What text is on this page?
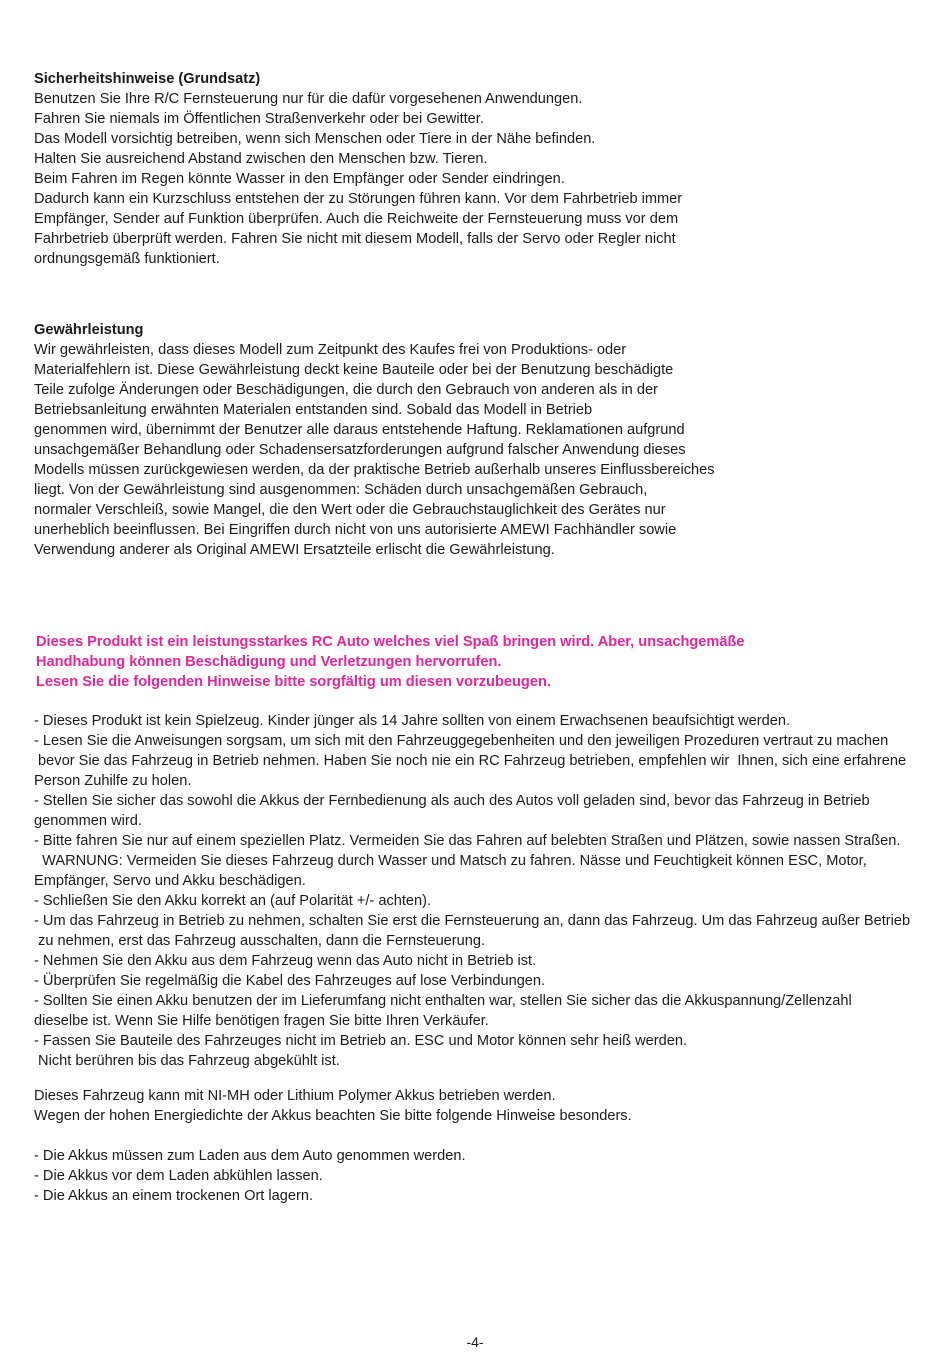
Sicherheitshinweise (Grundsatz)
Benutzen Sie Ihre R/C Fernsteuerung nur für die dafür vorgesehenen Anwendungen.
Fahren Sie niemals im Öffentlichen Straßenverkehr oder bei Gewitter.
Das Modell vorsichtig betreiben, wenn sich Menschen oder Tiere in der Nähe befinden.
Halten Sie ausreichend Abstand zwischen den Menschen bzw. Tieren.
Beim Fahren im Regen könnte Wasser in den Empfänger oder Sender eindringen.
Dadurch kann ein Kurzschluss entstehen der zu Störungen führen kann. Vor dem Fahrbetrieb immer
Empfänger, Sender auf Funktion überprüfen. Auch die Reichweite der Fernsteuerung muss vor dem
Fahrbetrieb überprüft werden. Fahren Sie nicht mit diesem Modell, falls der Servo oder Regler nicht
ordnungsgemäß funktioniert.
Gewährleistung
Wir gewährleisten, dass dieses Modell zum Zeitpunkt des Kaufes frei von Produktions- oder
Materialfehlern ist. Diese Gewährleistung deckt keine Bauteile oder bei der Benutzung beschädigte
Teile zufolge Änderungen oder Beschädigungen, die durch den Gebrauch von anderen als in der
Betriebsanleitung erwähnten Materialen entstanden sind. Sobald das Modell in Betrieb
genommen wird, übernimmt der Benutzer alle daraus entstehende Haftung. Reklamationen aufgrund
unsachgemäßer Behandlung oder Schadensersatzforderungen aufgrund falscher Anwendung dieses
Modells müssen zurückgewiesen werden, da der praktische Betrieb außerhalb unseres Einflussbereiches
liegt. Von der Gewährleistung sind ausgenommen: Schäden durch unsachgemäßen Gebrauch,
normaler Verschleiß, sowie Mangel, die den Wert oder die Gebrauchstauglichkeit des Gerätes nur
unerheblich beeinflussen. Bei Eingriffen durch nicht von uns autorisierte AMEWI Fachhändler sowie
Verwendung anderer als Original AMEWI Ersatzteile erlischt die Gewährleistung.
Dieses Produkt ist ein leistungsstarkes RC Auto welches viel Spaß bringen wird. Aber, unsachgemäße
Handhabung können Beschädigung und Verletzungen hervorrufen.
Lesen Sie die folgenden Hinweise bitte sorgfältig um diesen vorzubeugen.
- Dieses Produkt ist kein Spielzeug. Kinder jünger als 14 Jahre sollten von einem Erwachsenen beaufsichtigt werden.
- Lesen Sie die Anweisungen sorgsam, um sich mit den Fahrzeuggegebenheiten und den jeweiligen Prozeduren vertraut zu machen
bevor Sie das Fahrzeug in Betrieb nehmen. Haben Sie noch nie ein RC Fahrzeug betrieben, empfehlen wir  Ihnen, sich eine erfahrene
Person Zuhilfe zu holen.
- Stellen Sie sicher das sowohl die Akkus der Fernbedienung als auch des Autos voll geladen sind, bevor das Fahrzeug in Betrieb
genommen wird.
- Bitte fahren Sie nur auf einem speziellen Platz. Vermeiden Sie das Fahren auf belebten Straßen und Plätzen, sowie nassen Straßen.
WARNUNG: Vermeiden Sie dieses Fahrzeug durch Wasser und Matsch zu fahren. Nässe und Feuchtigkeit können ESC, Motor,
Empfänger, Servo und Akku beschädigen.
- Schließen Sie den Akku korrekt an (auf Polarität +/- achten).
- Um das Fahrzeug in Betrieb zu nehmen, schalten Sie erst die Fernsteuerung an, dann das Fahrzeug. Um das Fahrzeug außer Betrieb
zu nehmen, erst das Fahrzeug ausschalten, dann die Fernsteuerung.
- Nehmen Sie den Akku aus dem Fahrzeug wenn das Auto nicht in Betrieb ist.
- Überprüfen Sie regelmäßig die Kabel des Fahrzeuges auf lose Verbindungen.
- Sollten Sie einen Akku benutzen der im Lieferumfang nicht enthalten war, stellen Sie sicher das die Akkuspannung/Zellenzahl
dieselbe ist. Wenn Sie Hilfe benötigen fragen Sie bitte Ihren Verkäufer.
- Fassen Sie Bauteile des Fahrzeuges nicht im Betrieb an. ESC und Motor können sehr heiß werden.
Nicht berühren bis das Fahrzeug abgekühlt ist.
Dieses Fahrzeug kann mit NI-MH oder Lithium Polymer Akkus betrieben werden.
Wegen der hohen Energiedichte der Akkus beachten Sie bitte folgende Hinweise besonders.
- Die Akkus müssen zum Laden aus dem Auto genommen werden.
- Die Akkus vor dem Laden abkühlen lassen.
- Die Akkus an einem trockenen Ort lagern.
-4-
